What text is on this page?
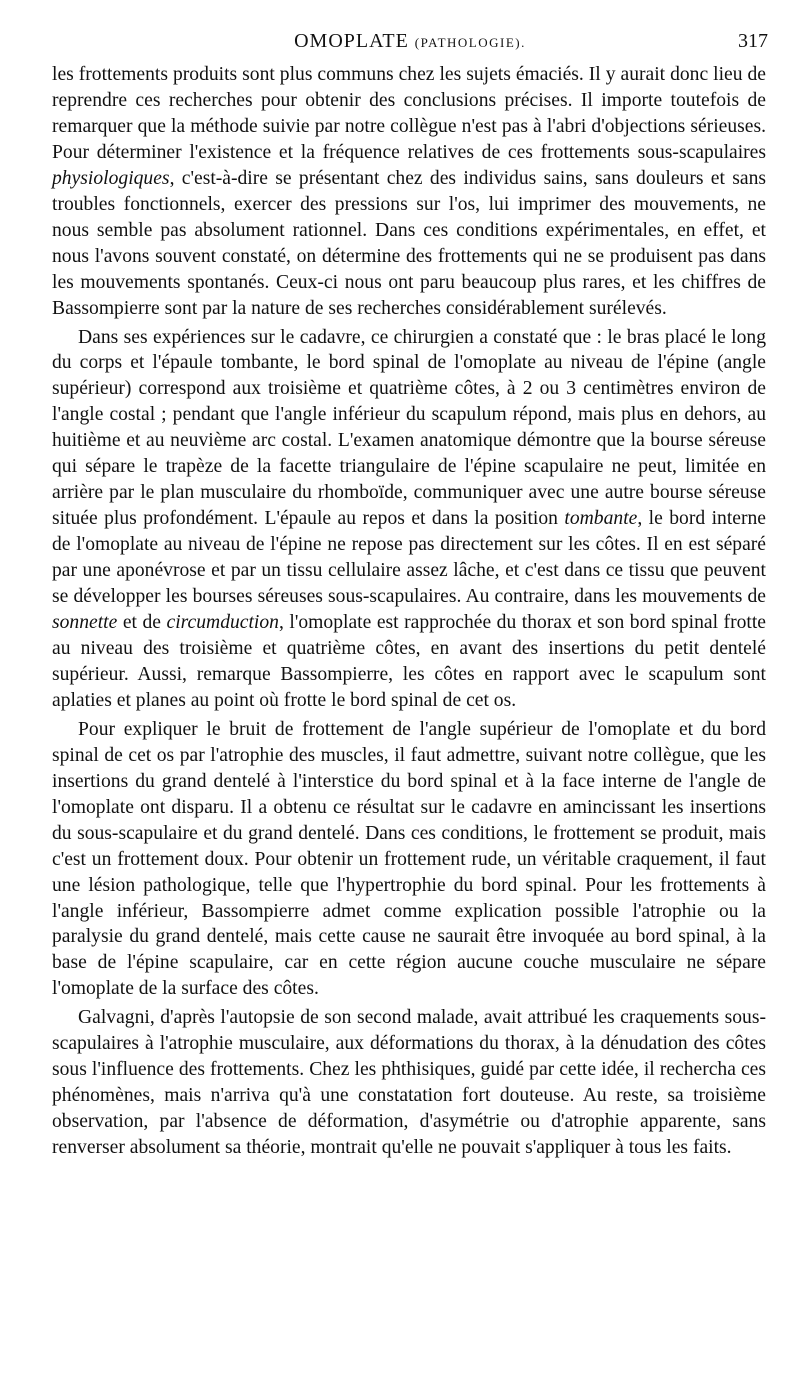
OMOPLATE (PATHOLOGIE).	317

les frottements produits sont plus communs chez les sujets émaciés. Il y aurait donc lieu de reprendre ces recherches pour obtenir des conclusions précises. Il importe toutefois de remarquer que la méthode suivie par notre collègue n'est pas à l'abri d'objections sérieuses. Pour déterminer l'existence et la fréquence relatives de ces frottements sous-scapulaires physiologiques, c'est-à-dire se présentant chez des individus sains, sans douleurs et sans troubles fonctionnels, exercer des pressions sur l'os, lui imprimer des mouvements, ne nous semble pas absolument rationnel. Dans ces conditions expérimentales, en effet, et nous l'avons souvent constaté, on détermine des frottements qui ne se produisent pas dans les mouvements spontanés. Ceux-ci nous ont paru beaucoup plus rares, et les chiffres de Bassompierre sont par la nature de ses recherches considérablement surélevés.

Dans ses expériences sur le cadavre, ce chirurgien a constaté que : le bras placé le long du corps et l'épaule tombante, le bord spinal de l'omoplate au niveau de l'épine (angle supérieur) correspond aux troisième et quatrième côtes, à 2 ou 3 centimètres environ de l'angle costal ; pendant que l'angle inférieur du scapulum répond, mais plus en dehors, au huitième et au neuvième arc costal. L'examen anatomique démontre que la bourse séreuse qui sépare le trapèze de la facette triangulaire de l'épine scapulaire ne peut, limitée en arrière par le plan musculaire du rhomboïde, communiquer avec une autre bourse séreuse située plus profondément. L'épaule au repos et dans la position tombante, le bord interne de l'omoplate au niveau de l'épine ne repose pas directement sur les côtes. Il en est séparé par une aponévrose et par un tissu cellulaire assez lâche, et c'est dans ce tissu que peuvent se développer les bourses séreuses sous-scapulaires. Au contraire, dans les mouvements de sonnette et de circumduction, l'omoplate est rapprochée du thorax et son bord spinal frotte au niveau des troisième et quatrième côtes, en avant des insertions du petit dentelé supérieur. Aussi, remarque Bassompierre, les côtes en rapport avec le scapulum sont aplaties et planes au point où frotte le bord spinal de cet os.

Pour expliquer le bruit de frottement de l'angle supérieur de l'omoplate et du bord spinal de cet os par l'atrophie des muscles, il faut admettre, suivant notre collègue, que les insertions du grand dentelé à l'interstice du bord spinal et à la face interne de l'angle de l'omoplate ont disparu. Il a obtenu ce résultat sur le cadavre en amincissant les insertions du sous-scapulaire et du grand dentelé. Dans ces conditions, le frottement se produit, mais c'est un frottement doux. Pour obtenir un frottement rude, un véritable craquement, il faut une lésion pathologique, telle que l'hypertrophie du bord spinal. Pour les frottements à l'angle inférieur, Bassompierre admet comme explication possible l'atrophie ou la paralysie du grand dentelé, mais cette cause ne saurait être invoquée au bord spinal, à la base de l'épine scapulaire, car en cette région aucune couche musculaire ne sépare l'omoplate de la surface des côtes.

Galvagni, d'après l'autopsie de son second malade, avait attribué les craquements sous-scapulaires à l'atrophie musculaire, aux déformations du thorax, à la dénudation des côtes sous l'influence des frottements. Chez les phthisiques, guidé par cette idée, il rechercha ces phénomènes, mais n'arriva qu'à une constatation fort douteuse. Au reste, sa troisième observation, par l'absence de déformation, d'asymétrie ou d'atrophie apparente, sans renverser absolument sa théorie, montrait qu'elle ne pouvait s'appliquer à tous les faits.
